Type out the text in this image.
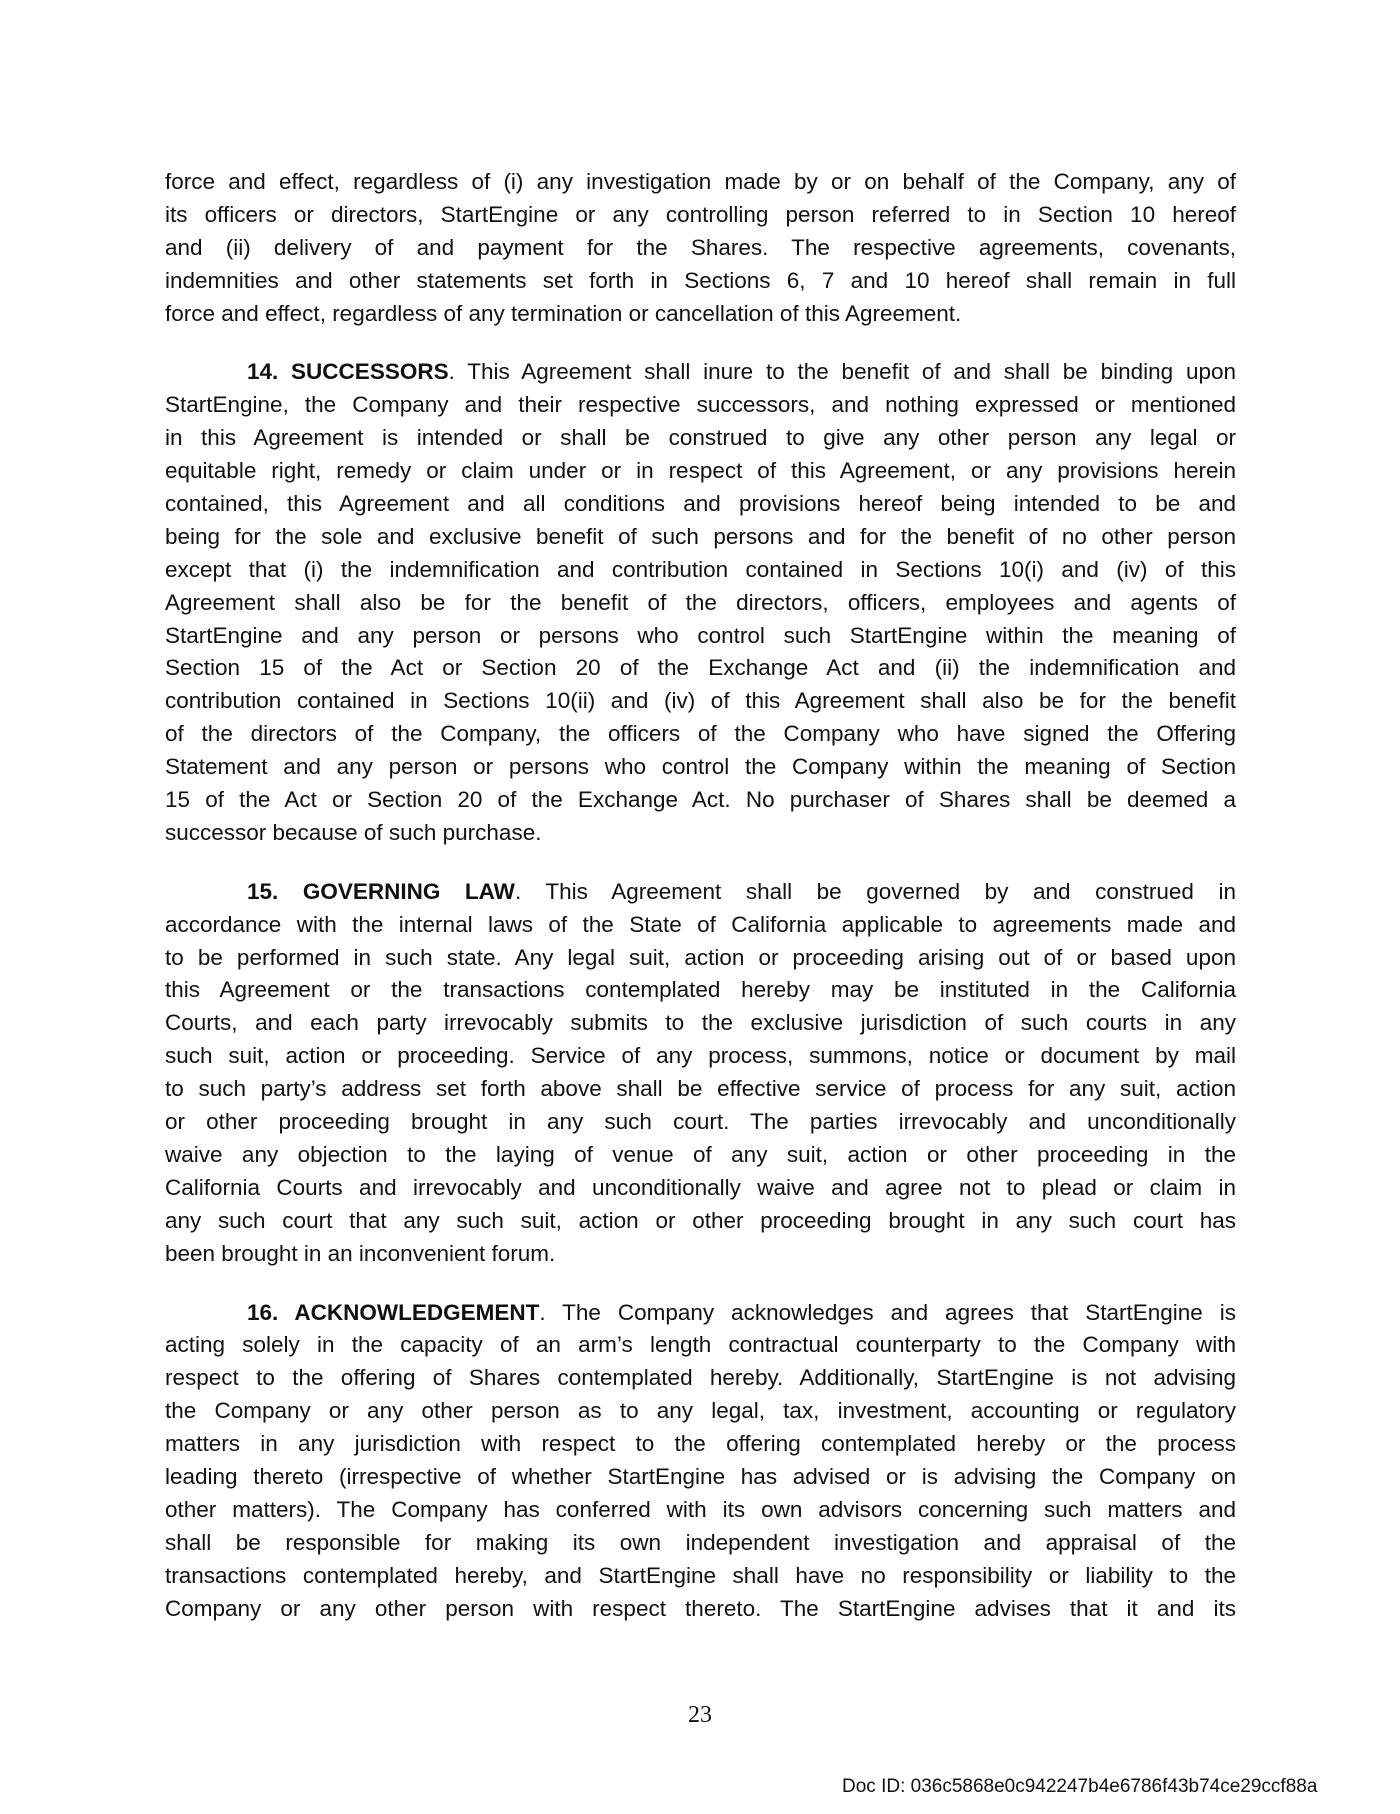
force and effect, regardless of (i) any investigation made by or on behalf of the Company, any of
its officers or directors, StartEngine or any controlling person referred to in Section 10 hereof
and (ii) delivery of and payment for the Shares. The respective agreements, covenants,
indemnities and other statements set forth in Sections 6, 7 and 10 hereof shall remain in full
force and effect, regardless of any termination or cancellation of this Agreement.
14. SUCCESSORS. This Agreement shall inure to the benefit of and shall be binding upon
StartEngine, the Company and their respective successors, and nothing expressed or mentioned
in this Agreement is intended or shall be construed to give any other person any legal or
equitable right, remedy or claim under or in respect of this Agreement, or any provisions herein
contained, this Agreement and all conditions and provisions hereof being intended to be and
being for the sole and exclusive benefit of such persons and for the benefit of no other person
except that (i) the indemnification and contribution contained in Sections 10(i) and (iv) of this
Agreement shall also be for the benefit of the directors, officers, employees and agents of
StartEngine and any person or persons who control such StartEngine within the meaning of
Section 15 of the Act or Section 20 of the Exchange Act and (ii) the indemnification and
contribution contained in Sections 10(ii) and (iv) of this Agreement shall also be for the benefit
of the directors of the Company, the officers of the Company who have signed the Offering
Statement and any person or persons who control the Company within the meaning of Section
15 of the Act or Section 20 of the Exchange Act. No purchaser of Shares shall be deemed a
successor because of such purchase.
15. GOVERNING LAW. This Agreement shall be governed by and construed in
accordance with the internal laws of the State of California applicable to agreements made and
to be performed in such state. Any legal suit, action or proceeding arising out of or based upon
this Agreement or the transactions contemplated hereby may be instituted in the California
Courts, and each party irrevocably submits to the exclusive jurisdiction of such courts in any
such suit, action or proceeding. Service of any process, summons, notice or document by mail
to such party’s address set forth above shall be effective service of process for any suit, action
or other proceeding brought in any such court. The parties irrevocably and unconditionally
waive any objection to the laying of venue of any suit, action or other proceeding in the
California Courts and irrevocably and unconditionally waive and agree not to plead or claim in
any such court that any such suit, action or other proceeding brought in any such court has
been brought in an inconvenient forum.
16. ACKNOWLEDGEMENT. The Company acknowledges and agrees that StartEngine is
acting solely in the capacity of an arm’s length contractual counterparty to the Company with
respect to the offering of Shares contemplated hereby. Additionally, StartEngine is not advising
the Company or any other person as to any legal, tax, investment, accounting or regulatory
matters in any jurisdiction with respect to the offering contemplated hereby or the process
leading thereto (irrespective of whether StartEngine has advised or is advising the Company on
other matters). The Company has conferred with its own advisors concerning such matters and
shall be responsible for making its own independent investigation and appraisal of the
transactions contemplated hereby, and StartEngine shall have no responsibility or liability to the
Company or any other person with respect thereto. The StartEngine advises that it and its
23
Doc ID: 036c5868e0c942247b4e6786f43b74ce29ccf88a
